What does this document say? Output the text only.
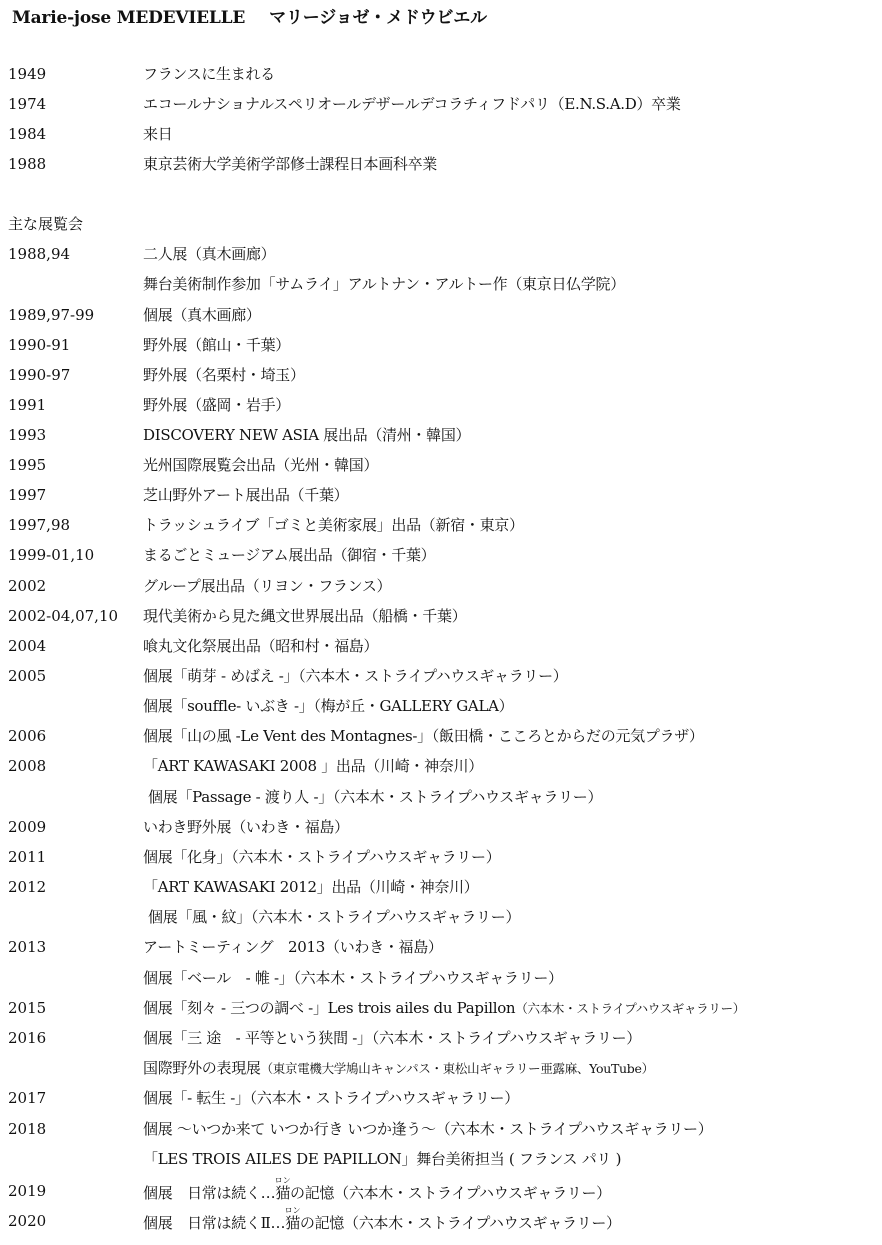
Marie-jose MEDEVIELLE マリージョゼ・メドウビエル
1949	フランスに生まれる
1974	エコールナショナルスペリオールデザールデコラチィフドパリ（E.N.S.A.D）卒業
1984	来日
1988	東京芸術大学美術学部修士課程日本画科卒業
主な展覧会
1988,94	二人展（真木画廊）
舞台美術制作参加「サムライ」アルトナン・アルトー作（東京日仏学院）
1989,97-99	個展（真木画廊）
1990-91	野外展（館山・千葉）
1990-97	野外展（名栗村・埼玉）
1991	野外展（盛岡・岩手）
1993	DISCOVERY NEW ASIA 展出品（清州・韓国）
1995	光州国際展覧会出品（光州・韓国）
1997	芝山野外アート展出品（千葉）
1997,98	トラッシュライブ「ゴミと美術家展」出品（新宿・東京）
1999-01,10	まるごとミュージアム展出品（御宿・千葉）
2002	グループ展出品（リヨン・フランス）
2002-04,07,10 現代美術から見た縄文世界展出品（船橋・千葉）
2004	喰丸文化祭展出品（昭和村・福島）
2005	個展「萌芽 - めばえ -」（六本木・ストライプハウスギャラリー）
個展「souffle- いぶき -」（梅が丘・GALLERY GALA）
2006	個展「山の風 -Le Vent des Montagnes-」（飯田橋・こころとからだの元気プラザ）
2008	「ART KAWASAKI 2008 」出品（川崎・神奈川）
個展「Passage - 渡り人 -」（六本木・ストライプハウスギャラリー）
2009	いわき野外展（いわき・福島）
2011	個展「化身」（六本木・ストライプハウスギャラリー）
2012	「ART KAWASAKI 2012」出品（川崎・神奈川）
個展「風・紋」（六本木・ストライプハウスギャラリー）
2013	アートミーティング　2013（いわき・福島）
個展「ベール　- 帷 -」（六本木・ストライプハウスギャラリー）
2015	個展「刻々 - 三つの調べ -」Les trois ailes du Papillon（六本木・ストライプハウスギャラリー）
2016	個展「三 途　- 平等という狭間 -」（六本木・ストライプハウスギャラリー）
国際野外の表現展（東京電機大学鳩山キャンパス・東松山ギャラリー亜露麻、YouTube）
2017	個展「- 転生 -」（六本木・ストライプハウスギャラリー）
2018	個展 ～いつか来て いつか行き いつか逢う～（六本木・ストライプハウスギャラリー）
「LES TROIS AILES DE PAPILLON」舞台美術担当 ( フランス パリ )
2019	個展　日常は続く…猫ロンの記憶（六本木・ストライプハウスギャラリー）
2020	個展　日常は続くⅡ…猫ロンの記憶（六本木・ストライプハウスギャラリー）
